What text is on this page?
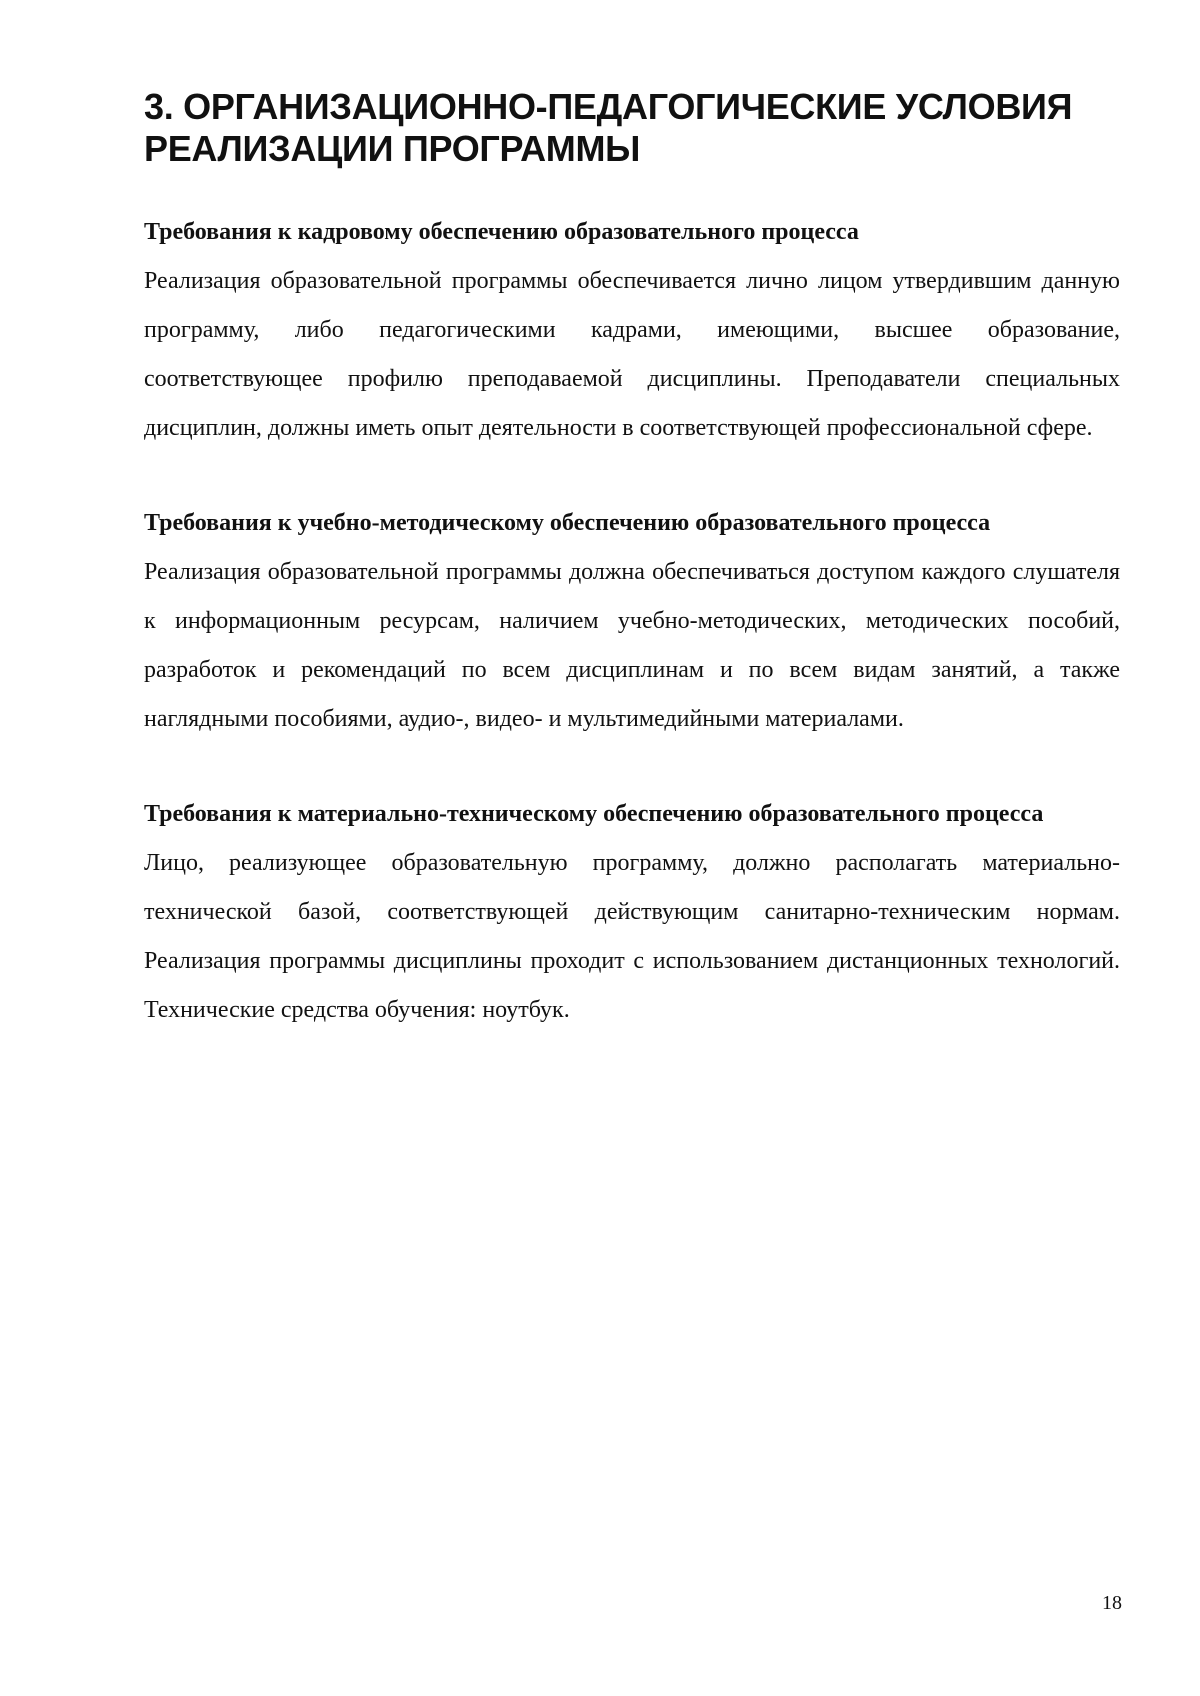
3. ОРГАНИЗАЦИОННО-ПЕДАГОГИЧЕСКИЕ УСЛОВИЯ РЕАЛИЗАЦИИ ПРОГРАММЫ

Требования к кадровому обеспечению образовательного процесса

Реализация образовательной программы обеспечивается лично лицом утвердившим данную программу, либо педагогическими кадрами, имеющими, высшее образование, соответствующее профилю преподаваемой дисциплины. Преподаватели специальных дисциплин, должны иметь опыт деятельности в соответствующей профессиональной сфере.

Требования к учебно-методическому обеспечению образовательного процесса

Реализация образовательной программы должна обеспечиваться доступом каждого слушателя к информационным ресурсам, наличием учебно-методических, методических пособий, разработок и рекомендаций по всем дисциплинам и по всем видам занятий, а также наглядными пособиями, аудио-, видео- и мультимедийными материалами.

Требования к материально-техническому обеспечению образовательного процесса

Лицо, реализующее образовательную программу, должно располагать материально-технической базой, соответствующей действующим санитарно-техническим нормам. Реализация программы дисциплины проходит с использованием дистанционных технологий. Технические средства обучения: ноутбук.

18
